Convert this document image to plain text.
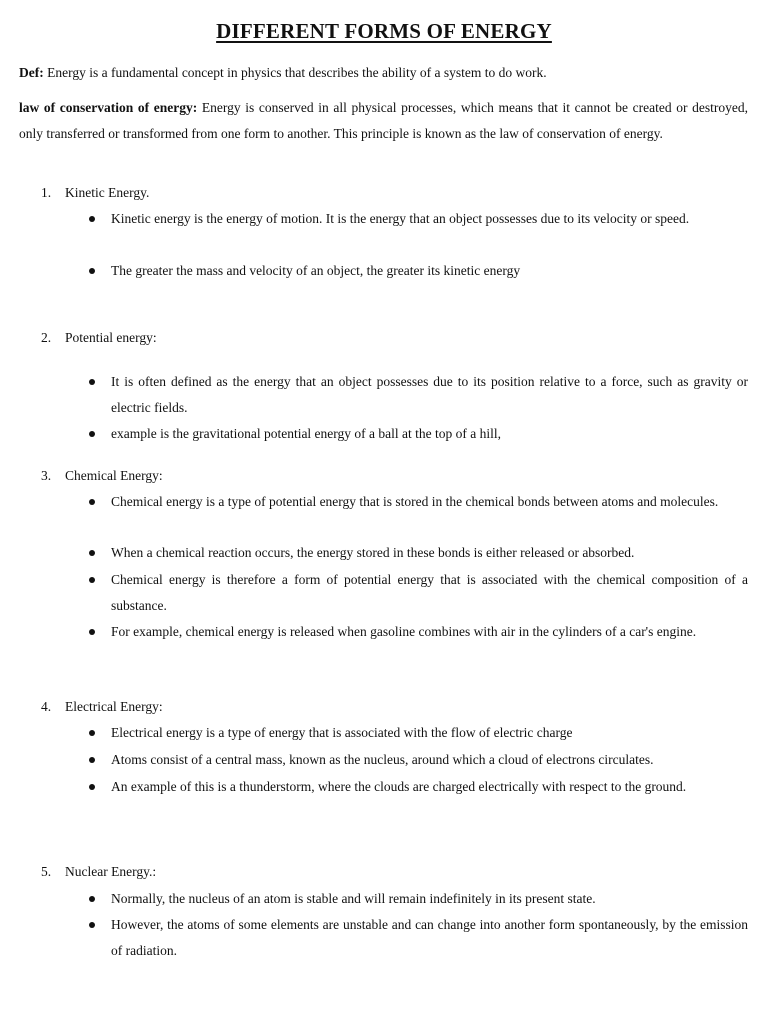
DIFFERENT FORMS OF ENERGY
Def: Energy is a fundamental concept in physics that describes the ability of a system to do work.
law of conservation of energy: Energy is conserved in all physical processes, which means that it cannot be created or destroyed, only transferred or transformed from one form to another. This principle is known as the law of conservation of energy.
1. Kinetic Energy.
Kinetic energy is the energy of motion. It is the energy that an object possesses due to its velocity or speed.
The greater the mass and velocity of an object, the greater its kinetic energy
2. Potential energy:
It is often defined as the energy that an object possesses due to its position relative to a force, such as gravity or electric fields.
example is the gravitational potential energy of a ball at the top of a hill,
3. Chemical Energy:
Chemical energy is a type of potential energy that is stored in the chemical bonds between atoms and molecules.
When a chemical reaction occurs, the energy stored in these bonds is either released or absorbed.
Chemical energy is therefore a form of potential energy that is associated with the chemical composition of a substance.
For example, chemical energy is released when gasoline combines with air in the cylinders of a car's engine.
4. Electrical Energy:
Electrical energy is a type of energy that is associated with the flow of electric charge
Atoms consist of a central mass, known as the nucleus, around which a cloud of electrons circulates.
An example of this is a thunderstorm, where the clouds are charged electrically with respect to the ground.
5. Nuclear Energy.:
Normally, the nucleus of an atom is stable and will remain indefinitely in its present state.
However, the atoms of some elements are unstable and can change into another form spontaneously, by the emission of radiation.
